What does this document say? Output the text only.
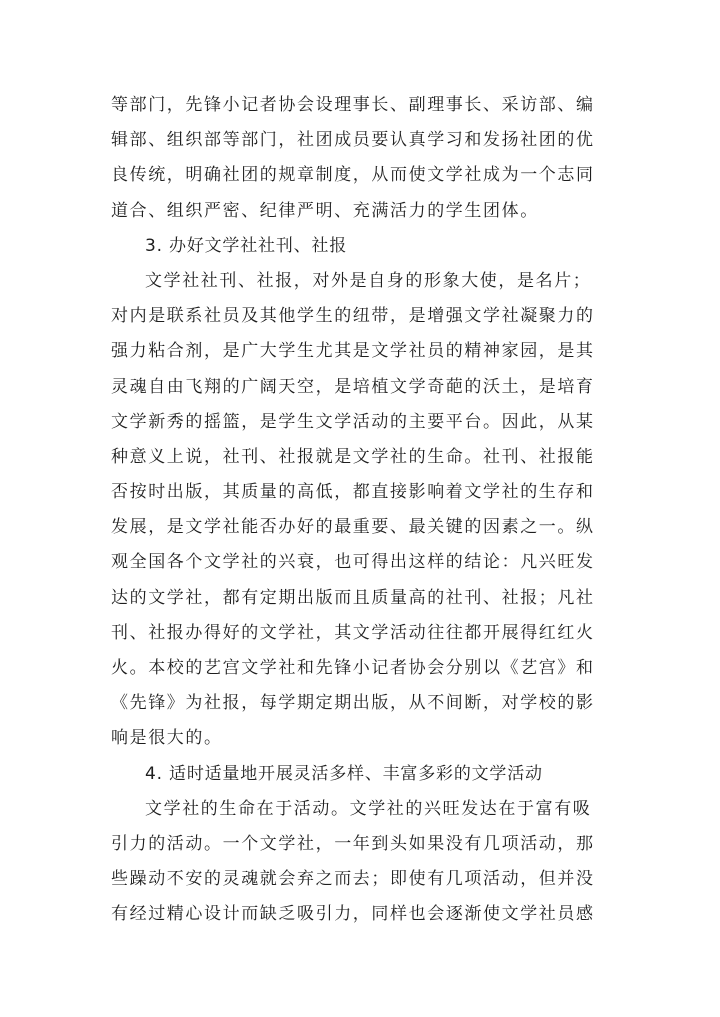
等部门，先锋小记者协会设理事长、副理事长、采访部、编
辑部、组织部等部门，社团成员要认真学习和发扬社团的优
良传统，明确社团的规章制度，从而使文学社成为一个志同
道合、组织严密、纪律严明、充满活力的学生团体。
3. 办好文学社社刊、社报
文学社社刊、社报，对外是自身的形象大使，是名片；
对内是联系社员及其他学生的纽带，是增强文学社凝聚力的
强力粘合剂，是广大学生尤其是文学社员的精神家园，是其
灵魂自由飞翔的广阔天空，是培植文学奇葩的沃土，是培育
文学新秀的摇篮，是学生文学活动的主要平台。因此，从某
种意义上说，社刊、社报就是文学社的生命。社刊、社报能
否按时出版，其质量的高低，都直接影响着文学社的生存和
发展，是文学社能否办好的最重要、最关键的因素之一。纵
观全国各个文学社的兴衰，也可得出这样的结论：凡兴旺发
达的文学社，都有定期出版而且质量高的社刊、社报；凡社
刊、社报办得好的文学社，其文学活动往往都开展得红红火
火。本校的艺宫文学社和先锋小记者协会分别以《艺宫》和
《先锋》为社报，每学期定期出版，从不间断，对学校的影
响是很大的。
4. 适时适量地开展灵活多样、丰富多彩的文学活动
文学社的生命在于活动。文学社的兴旺发达在于富有吸
引力的活动。一个文学社，一年到头如果没有几项活动，那
些躁动不安的灵魂就会弃之而去；即使有几项活动，但并没
有经过精心设计而缺乏吸引力，同样也会逐渐使文学社员感
